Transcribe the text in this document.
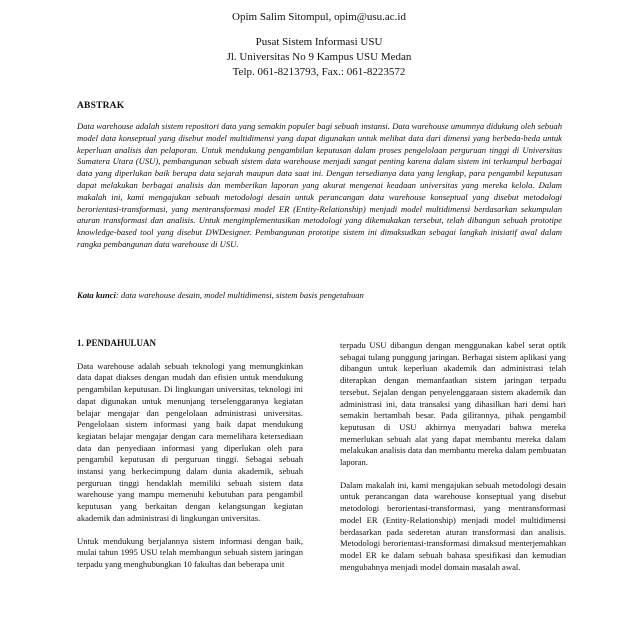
Opim Salim Sitompul, opim@usu.ac.id
Pusat Sistem Informasi USU
Jl. Universitas No 9 Kampus USU Medan
Telp. 061-8213793, Fax.: 061-8223572
ABSTRAK
Data warehouse adalah sistem repositori data yang semakin populer bagi sebuah instansi. Data warehouse umumnya didukung oleh sebuah model data konseptual yang disebut model multidimensi yang dapat digunakan untuk melihat data dari dimensi yang berbeda-beda untuk keperluan analisis dan pelaporan. Untuk mendukung pengambilan keputusan dalam proses pengelolaan perguruan tinggi di Universitas Sumatera Utara (USU), pembangunan sebuah sistem data warehouse menjadi sangat penting karena dalam sistem ini terkumpul berbagai data yang diperlukan baik berupa data sejarah maupun data saat ini. Dengan tersedianya data yang lengkap, para pengambil keputusan dapat melakukan berbagai analisis dan memberikan laporan yang akurat mengenai keadaan universitas yang mereka kelola. Dalam makalah ini, kami mengajukan sebuah metodologi desain untuk perancangan data warehouse konseptual yang disebut metodologi berorientasi-transformasi, yang mentransformasi model ER (Entity-Relationship) menjadi model multidimensi berdasarkan sekumpulan aturan transformasi dan analisis. Untuk mengimplementasikan metodologi yang dikemukakan tersebut, telah dibangun sebuah prototipe knowledge-based tool yang disebut DWDesigner. Pembangunan prototipe sistem ini dimaksudkan sebagai langkah inisiatif awal dalam rangka pembangunan data warehouse di USU.
Kata kunci: data warehouse desain, model multidimensi, sistem basis pengetahuan
1. PENDAHULUAN

Data warehouse adalah sebuah teknologi yang memungkinkan data dapat diakses dengan mudah dan efisien untuk mendukung pengambilan keputusan. Di lingkungan universitas, teknologi ini dapat digunakan untuk menunjang terselenggaranya kegiatan belajar mengajar dan pengelolaan administrasi universitas. Pengelolaan sistem informasi yang baik dapat mendukung kegiatan belajar mengajar dengan cara memelihara ketersediaan data dan penyediaan informasi yang diperlukan oleh para pengambil keputusan di perguruan tinggi. Sebagai sebuah instansi yang berkecimpung dalam dunia akademik, sebuah perguruan tinggi hendaklah memiliki sebuah sistem data warehouse yang mampu memenuhi kebutuhan para pengambil keputusan yang berkaitan dengan kelangsungan kegiatan akademik dan administrasi di lingkungan universitas.

Untuk mendukung berjalannya sistem informasi dengan baik, mulai tahun 1995 USU telah membangun sebuah sistem jaringan terpadu yang menghubungkan 10 fakultas dan beberapa unit

terpadu USU dibangun dengan menggunakan kabel serat optik sebagai tulang punggung jaringan. Berbagai sistem aplikasi yang dibangun untuk keperluan akademik dan administrasi telah diterapkan dengan memanfaatkan sistem jaringan terpadu tersebut. Sejalan dengan penyelenggaraan sistem akademik dan administrasi ini, data transaksi yang dihasilkan hari demi hari semakin bertambah besar. Pada gilirannya, pihak pengambil keputusan di USU akhirnya menyadari bahwa mereka memerlukan sebuah alat yang dapat membantu mereka dalam melakukan analisis data dan membantu mereka dalam pembuatan laporan.

Dalam makalah ini, kami mengajukan sebuah metodologi desain untuk perancangan data warehouse konseptual yang disebut metodologi berorientasi-transformasi, yang mentransformasi model ER (Entity-Relationship) menjadi model multidimensi berdasarkan pada sederetan aturan transformasi dan analisis. Metodologi berorientasi-transformasi dimaksud menterjemahkan model ER ke dalam sebuah bahasa spesifikasi dan kemudian mengubahnya menjadi model domain masalah awal.
